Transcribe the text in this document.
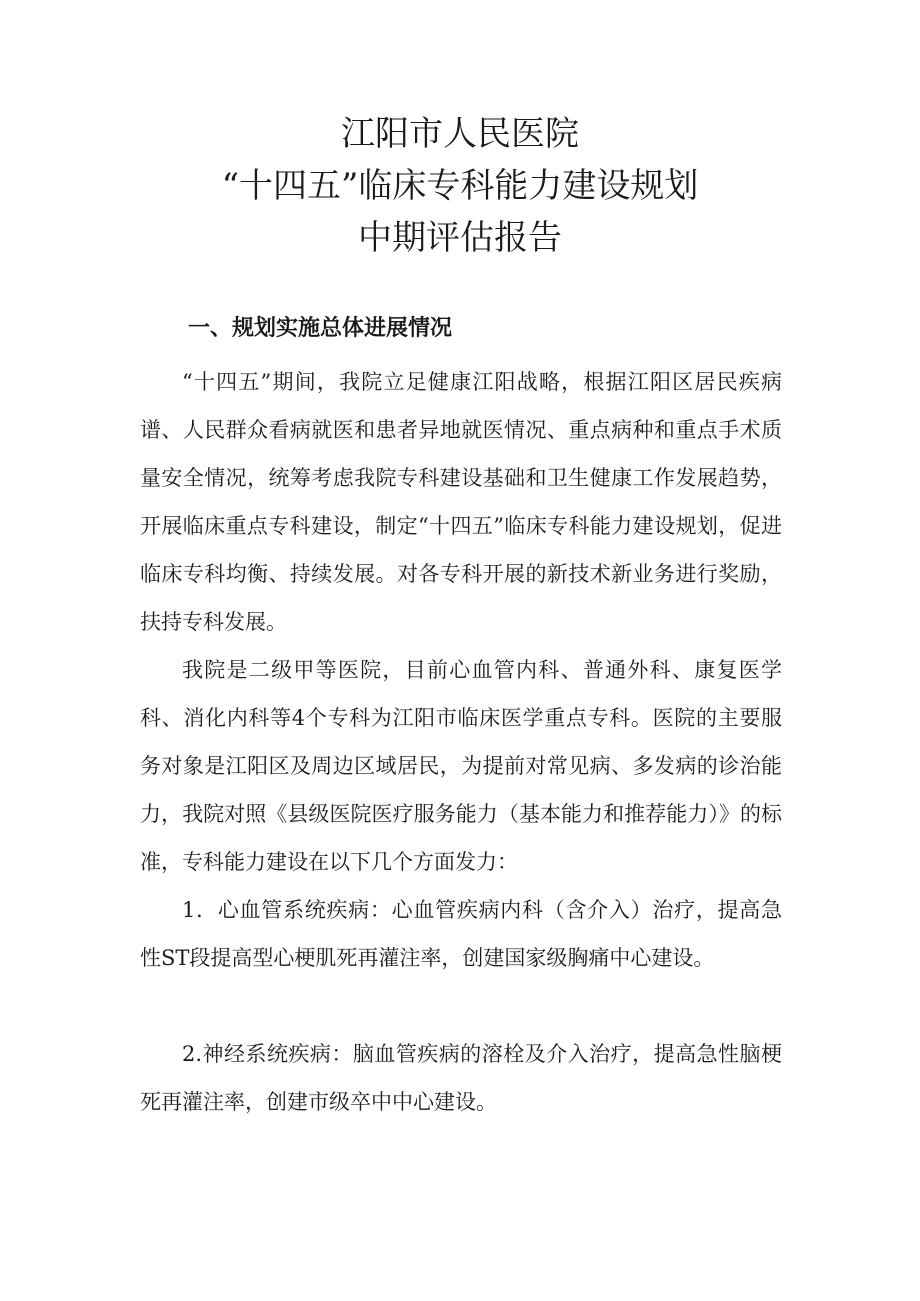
江阳市人民医院
“十四五”临床专科能力建设规划
中期评估报告
一、规划实施总体进展情况

“十四五”期间，我院立足健康江阳战略，根据江阳区居民疾病谱、人民群众看病就医和患者异地就医情况、重点病种和重点手术质量安全情况，统筹考虑我院专科建设基础和卫生健康工作发展趋势，开展临床重点专科建设，制定“十四五”临床专科能力建设规划，促进临床专科均衡、持续发展。对各专科开展的新技术新业务进行奖励，扶持专科发展。

我院是二级甲等医院，目前心血管内科、普通外科、康复医学科、消化内科等4个专科为江阳市临床医学重点专科。医院的主要服务对象是江阳区及周边区域居民，为提前对常见病、多发病的诊治能力，我院对照《县级医院医疗服务能力（基本能力和推荐能力）》的标准，专科能力建设在以下几个方面发力：

1．心血管系统疾病：心血管疾病内科（含介入）治疗，提高急性ST段提高型心梗肌死再灌注率，创建国家级胸痛中心建设。

2.神经系统疾病：脑血管疾病的溶栓及介入治疗，提高急性脑梗死再灌注率，创建市级卒中中心建设。
